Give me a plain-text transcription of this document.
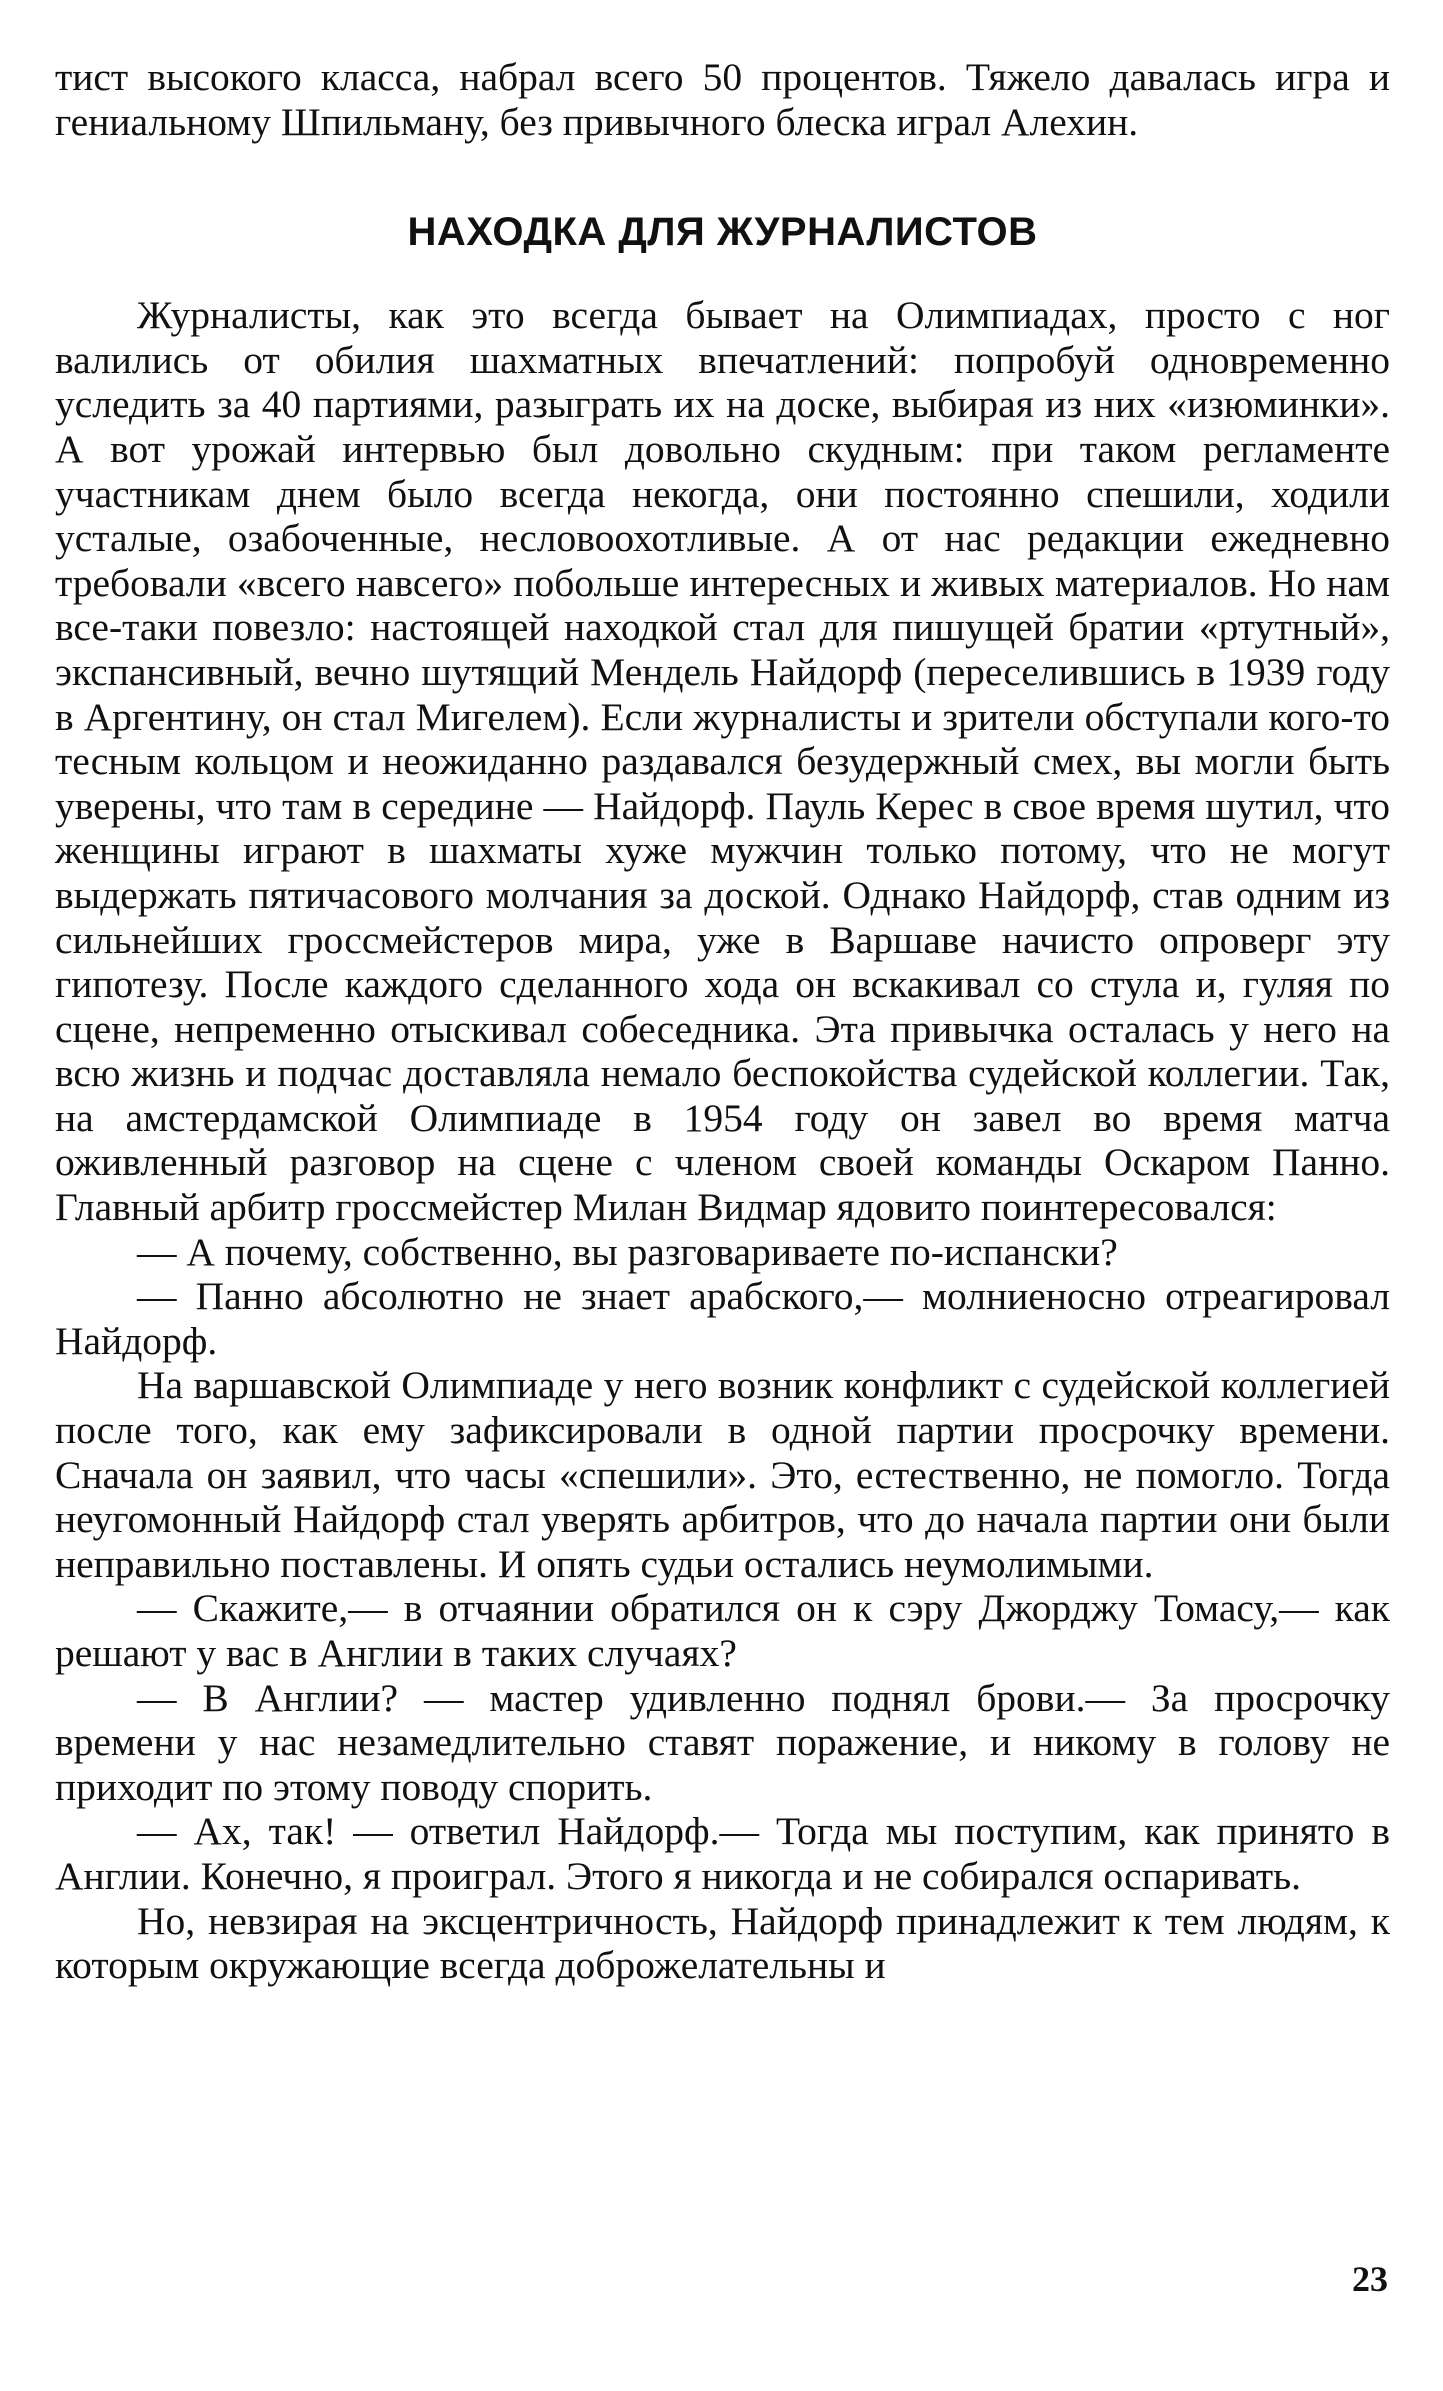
тист высокого класса, набрал всего 50 процентов. Тяжело давалась игра и гениальному Шпильману, без привычного блеска играл Алехин.

НАХОДКА ДЛЯ ЖУРНАЛИСТОВ

Журналисты, как это всегда бывает на Олимпиадах, просто с ног валились от обилия шахматных впечатлений: попробуй одновременно уследить за 40 партиями, разыграть их на доске, выбирая из них «изюминки». А вот урожай интервью был довольно скудным: при таком регламенте участникам днем было всегда некогда, они постоянно спешили, ходили усталые, озабоченные, несловоохотливые. А от нас редакции ежедневно требовали «всего навсего» побольше интересных и живых материалов. Но нам все-таки повезло: настоящей находкой стал для пишущей братии «ртутный», экспансивный, вечно шутящий Мендель Найдорф (переселившись в 1939 году в Аргентину, он стал Мигелем). Если журналисты и зрители обступали кого-то тесным кольцом и неожиданно раздавался безудержный смех, вы могли быть уверены, что там в середине — Найдорф. Пауль Керес в свое время шутил, что женщины играют в шахматы хуже мужчин только потому, что не могут выдержать пятичасового молчания за доской. Однако Найдорф, став одним из сильнейших гроссмейстеров мира, уже в Варшаве начисто опроверг эту гипотезу. После каждого сделанного хода он вскакивал со стула и, гуляя по сцене, непременно отыскивал собеседника. Эта привычка осталась у него на всю жизнь и подчас доставляла немало беспокойства судейской коллегии. Так, на амстердамской Олимпиаде в 1954 году он завел во время матча оживленный разговор на сцене с членом своей команды Оскаром Панно. Главный арбитр гроссмейстер Милан Видмар ядовито поинтересовался:

— А почему, собственно, вы разговариваете по-испански?

— Панно абсолютно не знает арабского,— молниеносно отреагировал Найдорф.

На варшавской Олимпиаде у него возник конфликт с судейской коллегией после того, как ему зафиксировали в одной партии просрочку времени. Сначала он заявил, что часы «спешили». Это, естественно, не помогло. Тогда неугомонный Найдорф стал уверять арбитров, что до начала партии они были неправильно поставлены. И опять судьи остались неумолимыми.

— Скажите,— в отчаянии обратился он к сэру Джорджу Томасу,— как решают у вас в Англии в таких случаях?

— В Англии? — мастер удивленно поднял брови.— За просрочку времени у нас незамедлительно ставят поражение, и никому в голову не приходит по этому поводу спорить.

— Ах, так! — ответил Найдорф.— Тогда мы поступим, как принято в Англии. Конечно, я проиграл. Этого я никогда и не собирался оспаривать.

Но, невзирая на эксцентричность, Найдорф принадлежит к тем людям, к которым окружающие всегда доброжелательны и

23
